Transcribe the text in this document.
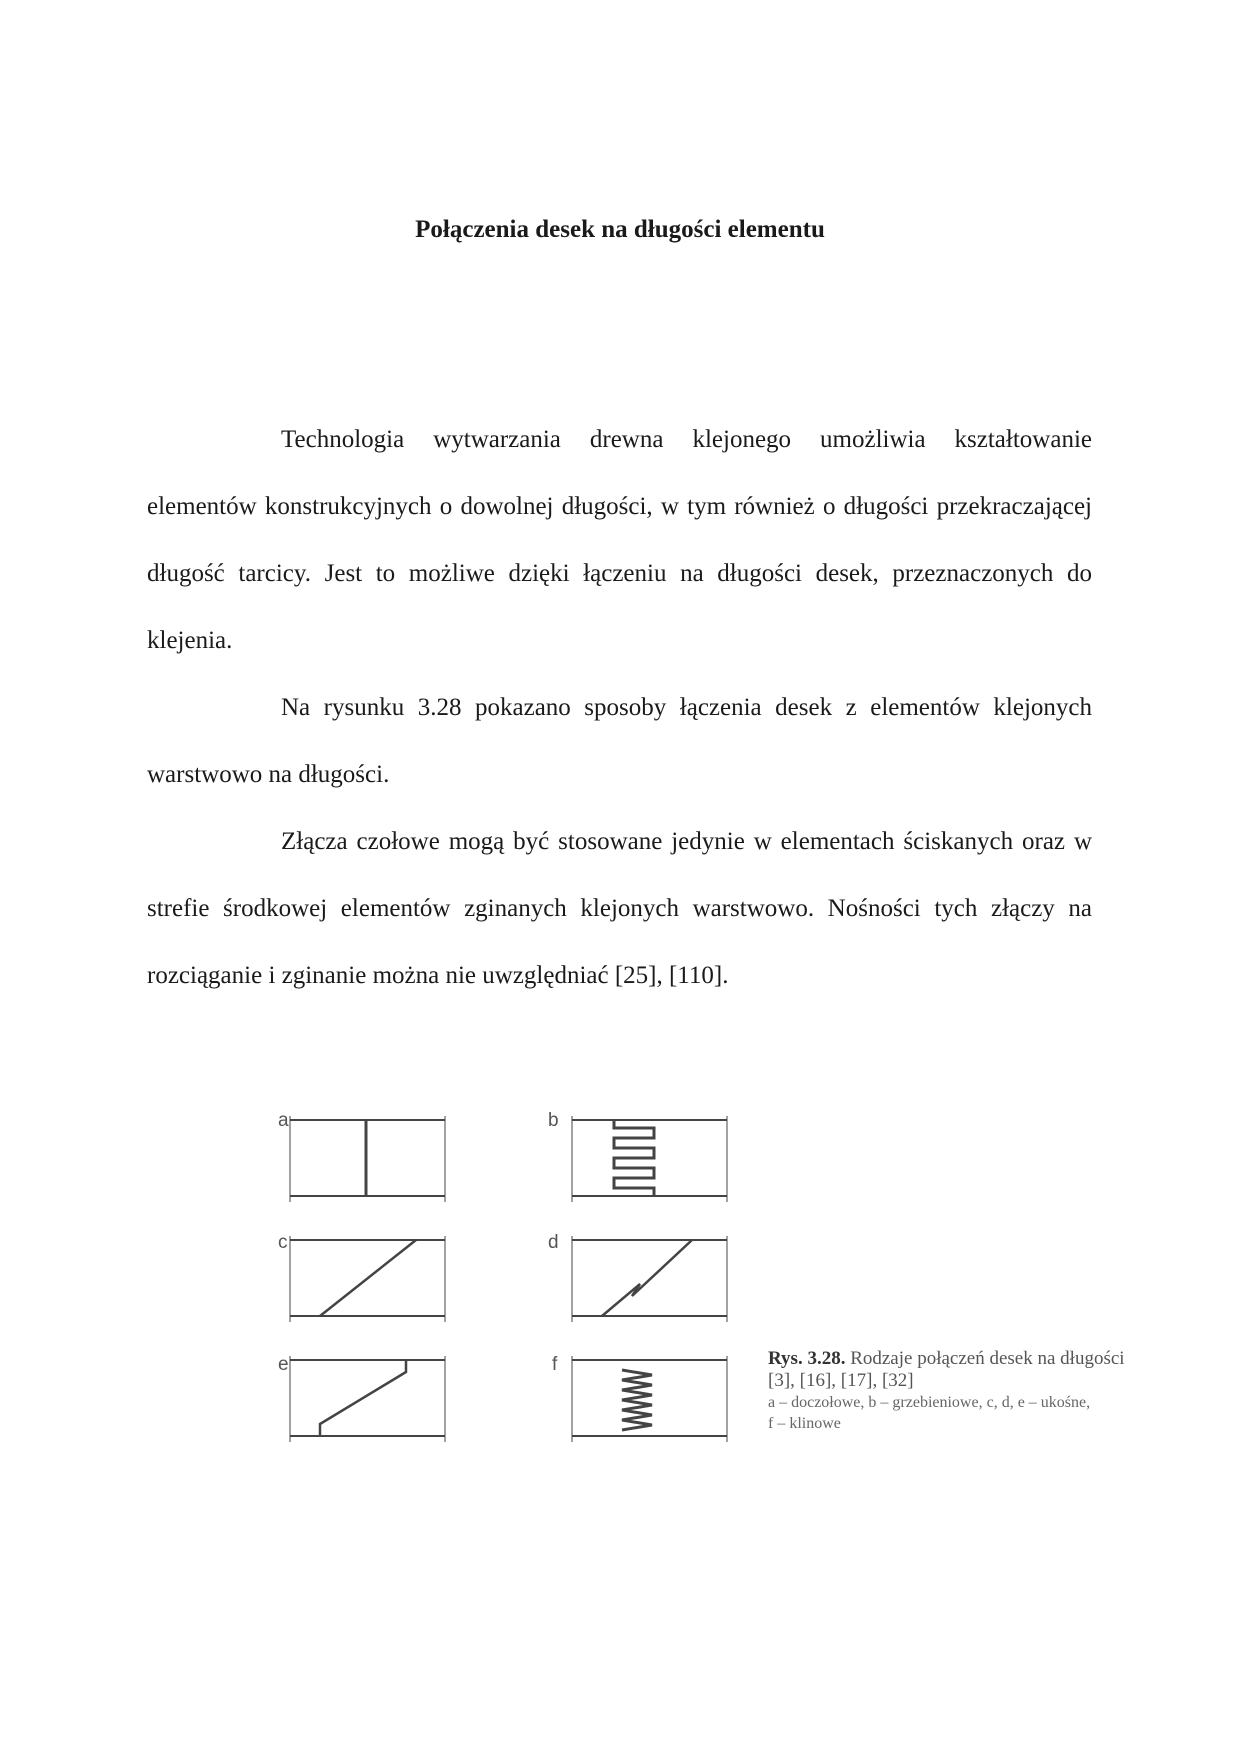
Połączenia desek na długości elementu

Technologia wytwarzania drewna klejonego umożliwia kształtowanie elementów konstrukcyjnych o dowolnej długości, w tym również o długości przekraczającej długość tarcicy. Jest to możliwe dzięki łączeniu na długości desek, przeznaczonych do klejenia.

Na rysunku 3.28 pokazano sposoby łączenia desek z elementów klejonych warstwowo na długości.

Złącza czołowe mogą być stosowane jedynie w elementach ściskanych oraz w strefie środkowej elementów zginanych klejonych warstwowo. Nośności tych złączy na rozciąganie i zginanie można nie uwzględniać [25], [110].

a	b
c	d
e	f	Rys. 3.28. Rodzaje połączeń desek na długości
[3], [16], [17], [32]
a – doczołowe, b – grzebieniowe, c, d, e – ukośne,
f – klinowe
